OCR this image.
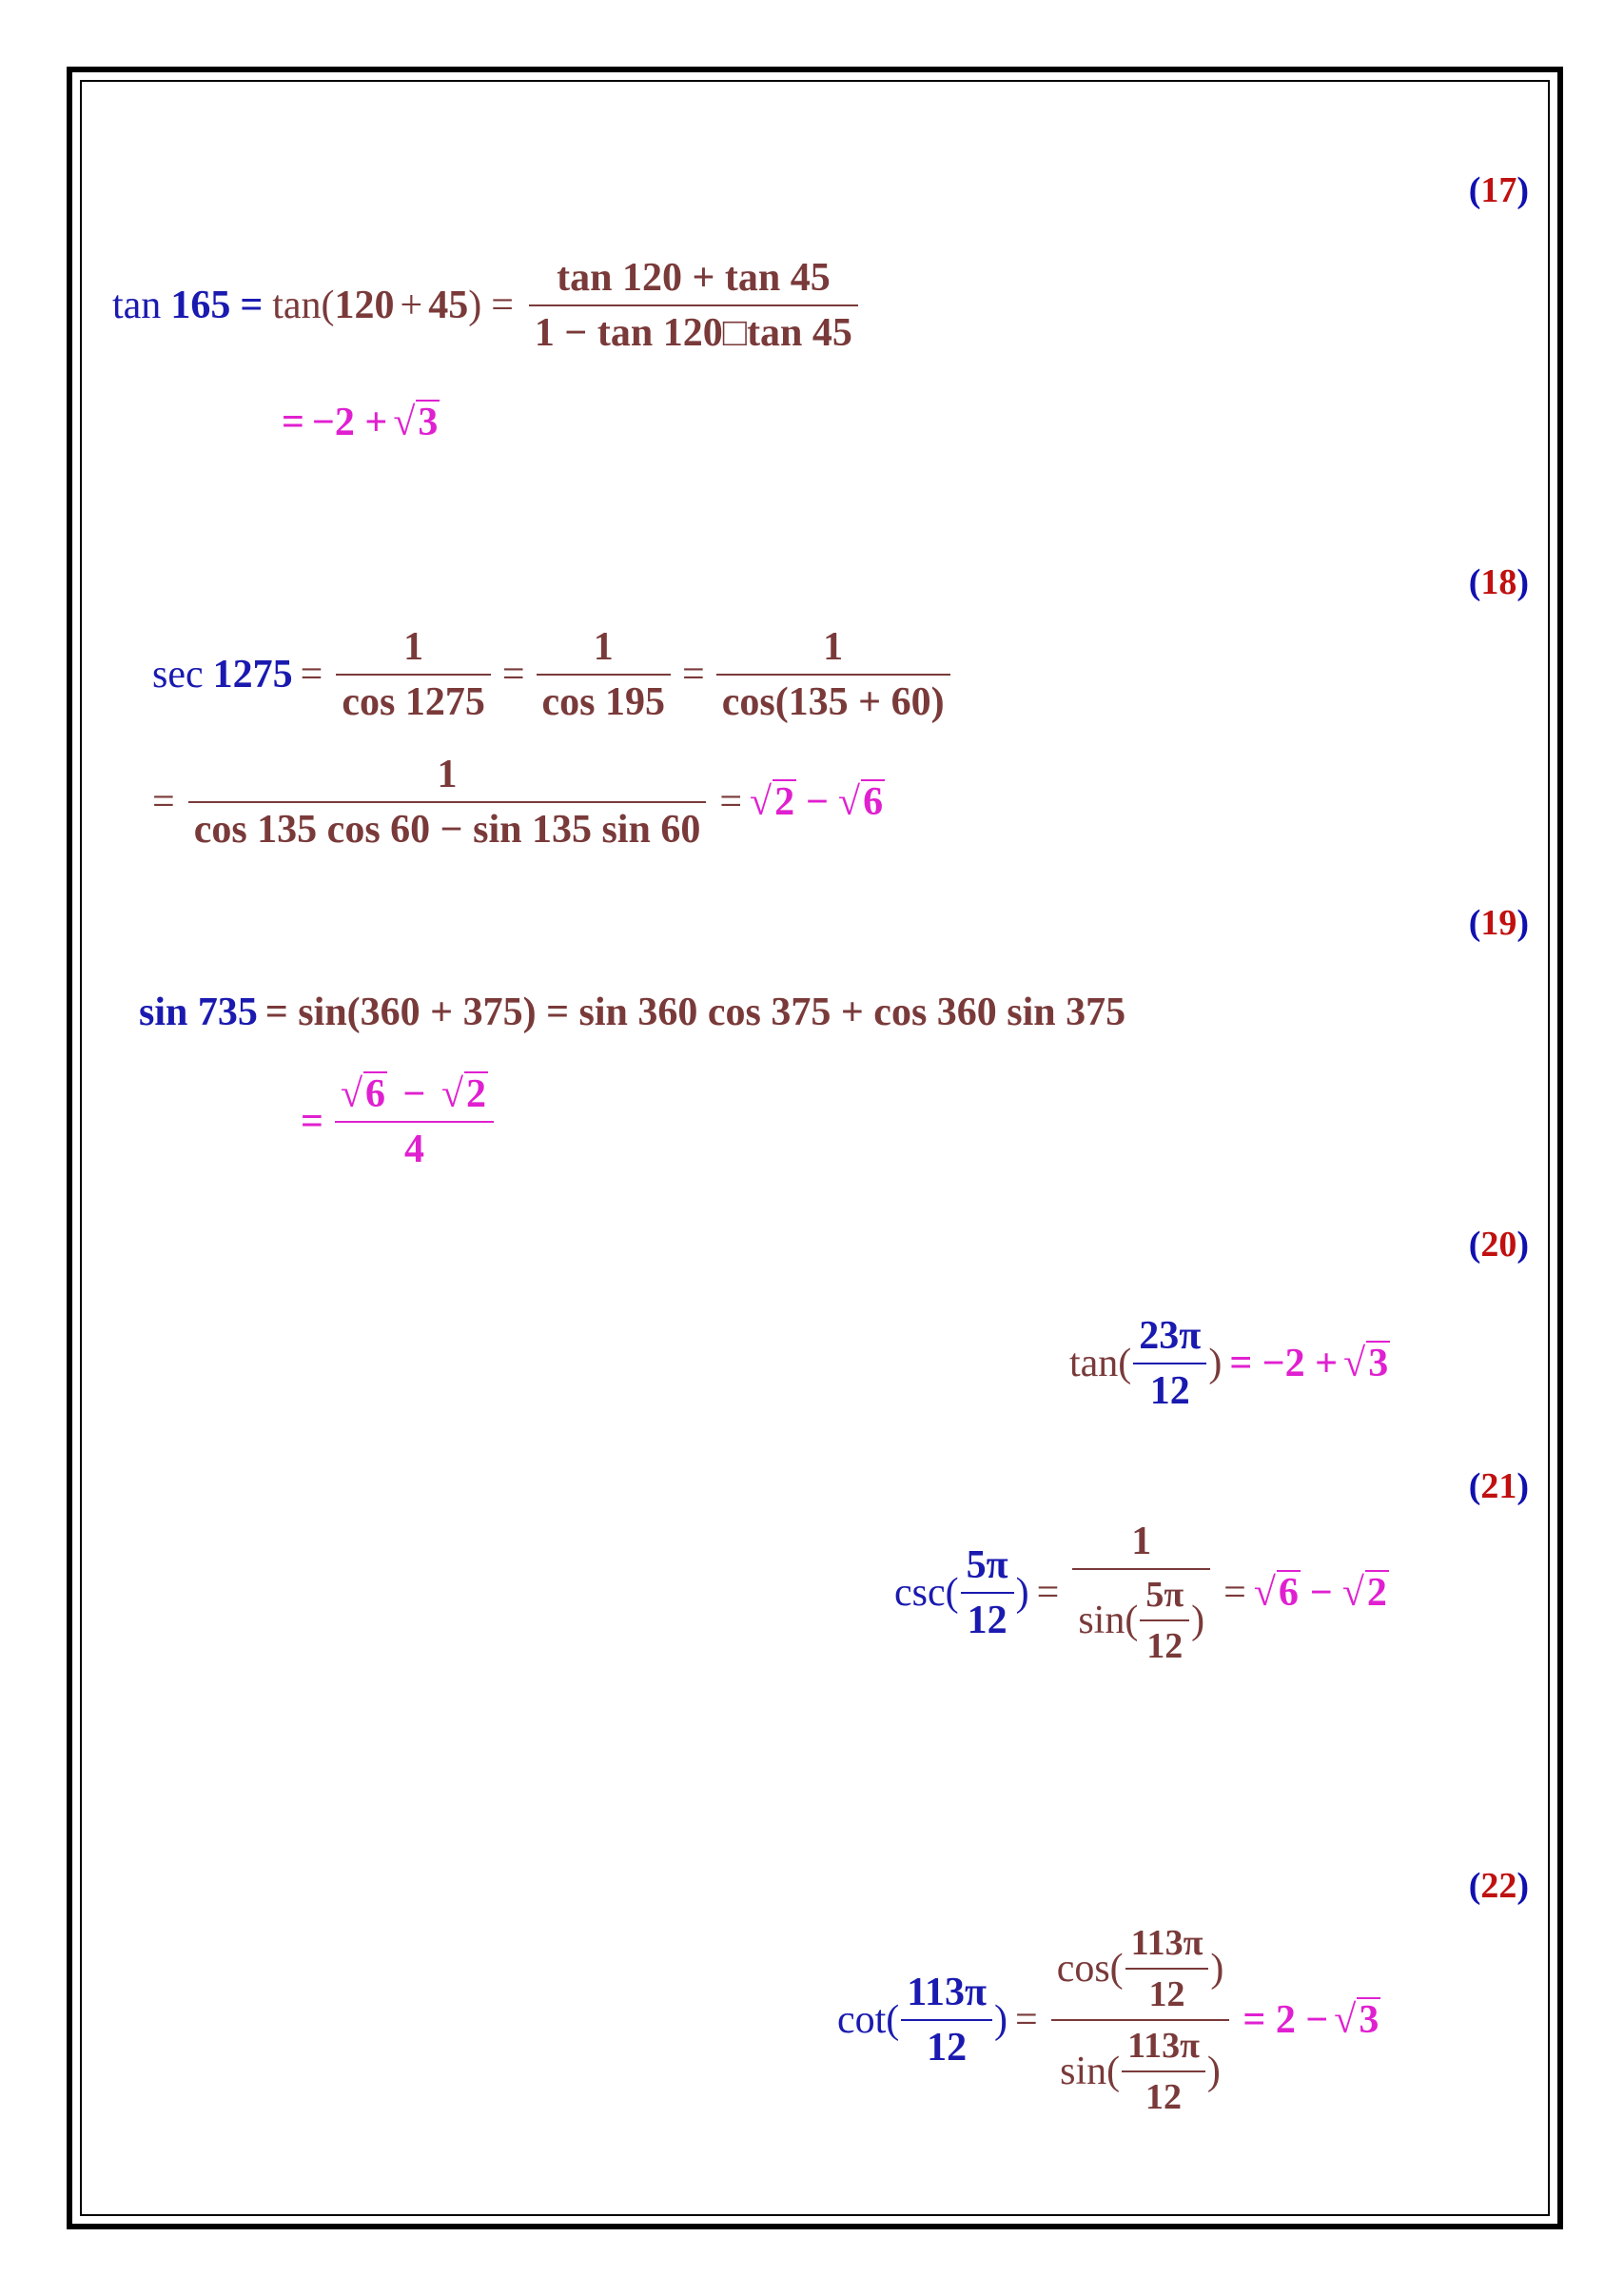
(17)
tan 165 = tan( 120 + 45 ) = $\frac{\tan 120 + \tan 45}{1 - \tan 120□\tan 45}$
= −2 + √ 3
(18)
$\sec 1275 = \frac{1}{\cos 1275} = \frac{1}{\cos 195} = \frac{1}{\cos(135 + 60)}$
= $\frac{1}{\cos 135 \cos 60 - \sin 135 \sin 60}$ = √ 2 − √ 6
(19)
sin 735 = sin(360 + 375) = sin 360 cos 375 + cos 360 sin 375
= $\frac{√ 6 - √ 2}{4}$
(20)
$\tan( \frac{23\pi}{12}$ ) = −2 + √ 3
(21)
$\csc( \frac{5\pi}{12}$ ) = $\frac{1}{\sin( \frac{5\pi}{12} )}$ = √ 6 − √ 2
(22)
$\cot( \frac{113\pi}{12}$ ) = $\frac{\cos( \frac{113\pi}{12} )}{\sin( \frac{113\pi}{12} )} = 2$ − √ 3
